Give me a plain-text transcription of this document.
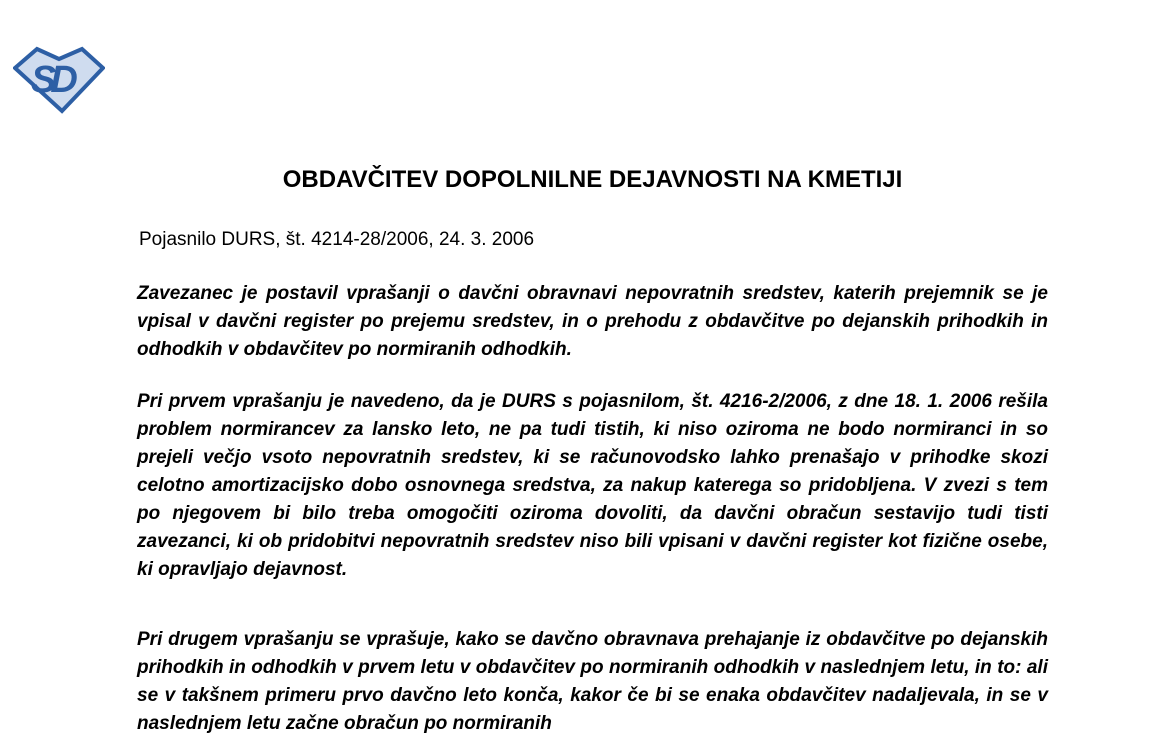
SD
OBDAVČITEV DOPOLNILNE DEJAVNOSTI NA KMETIJI

Pojasnilo DURS, št. 4214-28/2006, 24. 3. 2006

Zavezanec je postavil vprašanji o davčni obravnavi nepovratnih sredstev, katerih prejemnik se je vpisal v davčni register po prejemu sredstev, in o prehodu z obdavčitve po dejanskih prihodkih in odhodkih v obdavčitev po normiranih odhodkih.

Pri prvem vprašanju je navedeno, da je DURS s pojasnilom, št. 4216-2/2006, z dne 18. 1. 2006 rešila problem normirancev za lansko leto, ne pa tudi tistih, ki niso oziroma ne bodo normiranci in so prejeli večjo vsoto nepovratnih sredstev, ki se računovodsko lahko prenašajo v prihodke skozi celotno amortizacijsko dobo osnovnega sredstva, za nakup katerega so pridobljena. V zvezi s tem po njegovem bi bilo treba omogočiti oziroma dovoliti, da davčni obračun sestavijo tudi tisti zavezanci, ki ob pridobitvi nepovratnih sredstev niso bili vpisani v davčni register kot fizične osebe, ki opravljajo dejavnost.

Pri drugem vprašanju se vprašuje, kako se davčno obravnava prehajanje iz obdavčitve po dejanskih prihodkih in odhodkih v prvem letu v obdavčitev po normiranih odhodkih v naslednjem letu, in to: ali se v takšnem primeru prvo davčno leto konča, kakor če bi se enaka obdavčitev nadaljevala, in se v naslednjem letu začne obračun po normiranih
